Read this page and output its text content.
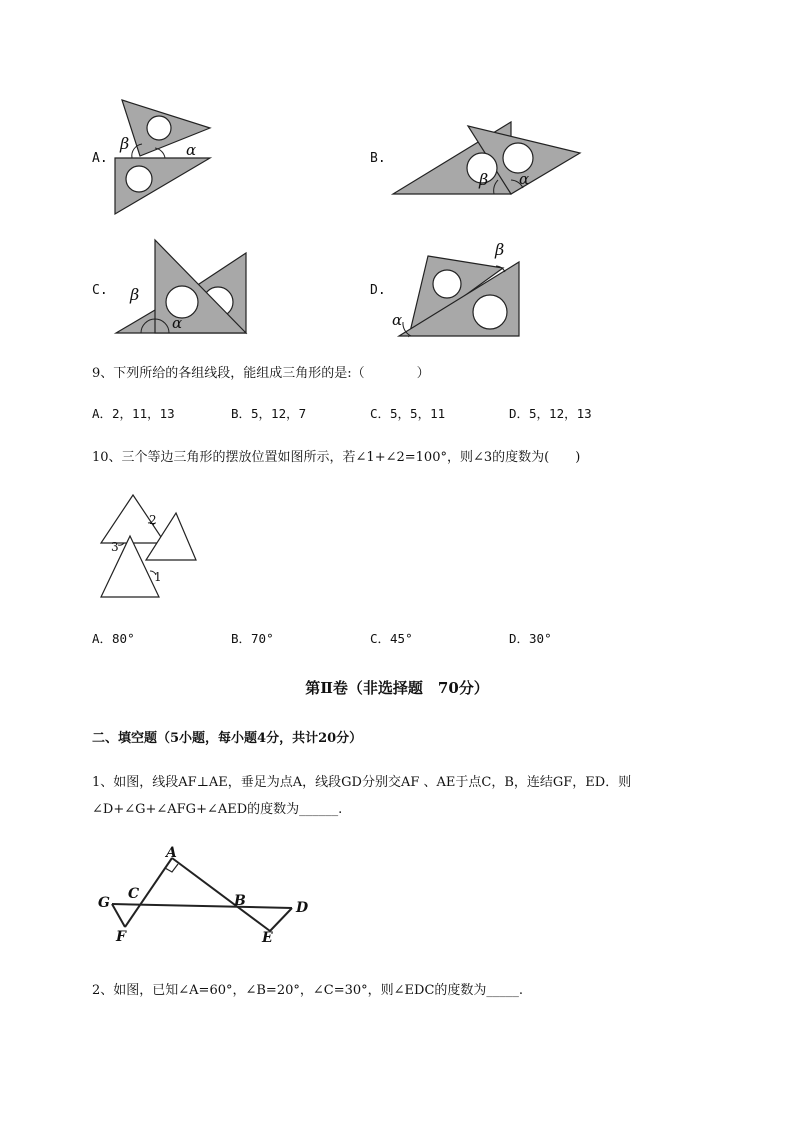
A.
β	α	B.
β α
C. β
α
D.
β
α
9、下列所给的各组线段，能组成三角形的是:（　　　　）
A．2，11，13	B．5，12，7	C．5，5，11	D．5，12，13
10、三个等边三角形的摆放位置如图所示，若∠1+∠2=100°，则∠3的度数为(　　)
2
3
1
A．80°	B．70°	C．45°	D．30°
第Ⅱ卷（非选择题　70分）
二、填空题（5小题，每小题4分，共计20分）
1、如图，线段AF⊥AE，垂足为点A，线段GD分别交AF 、AE于点C，B，连结GF，ED．则
∠D+∠G+∠AFG+∠AED的度数为______.
A
C	B
G	D
F	E
2、如图，已知∠A=60°，∠B=20°，∠C=30°，则∠EDC的度数为_____.
